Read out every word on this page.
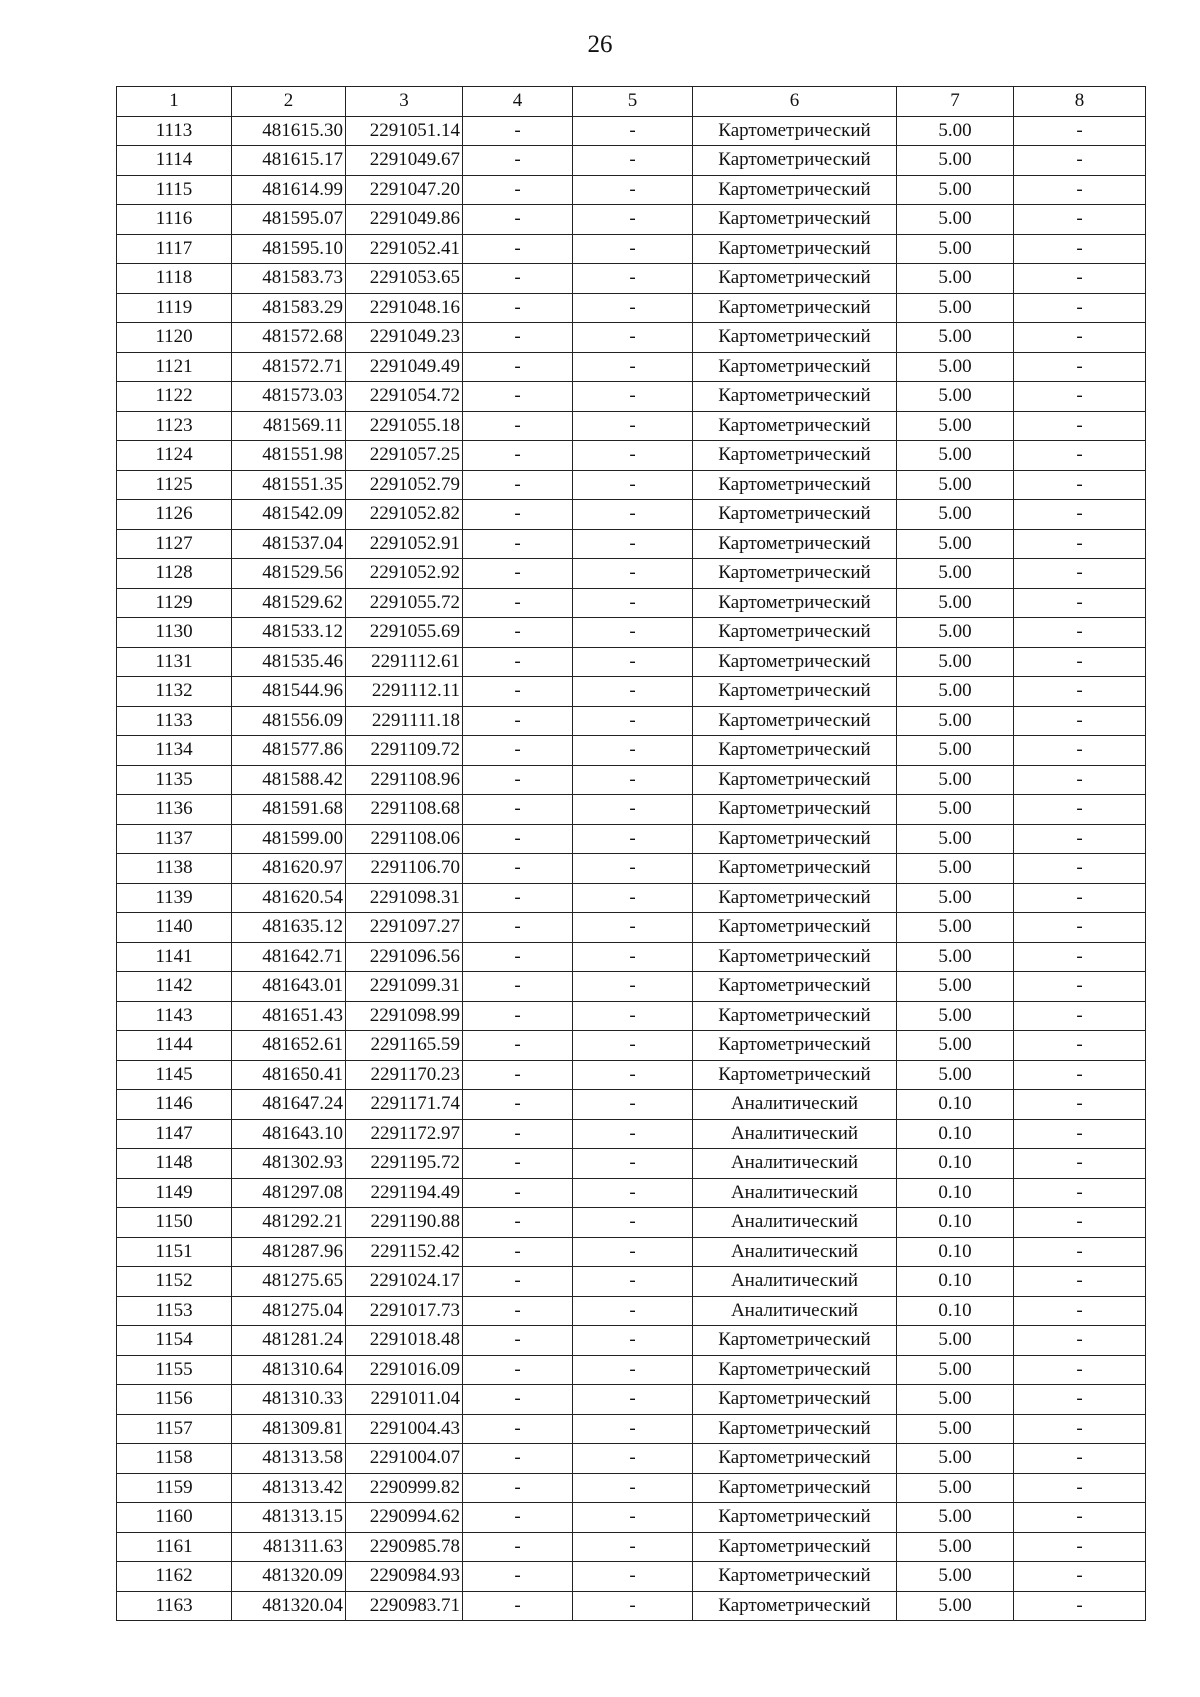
26
1	2	3	4	5	6	7	8
1113	481615.30	2291051.14	-	-	Картометрический	5.00	-
1114	481615.17	2291049.67	-	-	Картометрический	5.00	-
1115	481614.99	2291047.20	-	-	Картометрический	5.00	-
1116	481595.07	2291049.86	-	-	Картометрический	5.00	-
1117	481595.10	2291052.41	-	-	Картометрический	5.00	-
1118	481583.73	2291053.65	-	-	Картометрический	5.00	-
1119	481583.29	2291048.16	-	-	Картометрический	5.00	-
1120	481572.68	2291049.23	-	-	Картометрический	5.00	-
1121	481572.71	2291049.49	-	-	Картометрический	5.00	-
1122	481573.03	2291054.72	-	-	Картометрический	5.00	-
1123	481569.11	2291055.18	-	-	Картометрический	5.00	-
1124	481551.98	2291057.25	-	-	Картометрический	5.00	-
1125	481551.35	2291052.79	-	-	Картометрический	5.00	-
1126	481542.09	2291052.82	-	-	Картометрический	5.00	-
1127	481537.04	2291052.91	-	-	Картометрический	5.00	-
1128	481529.56	2291052.92	-	-	Картометрический	5.00	-
1129	481529.62	2291055.72	-	-	Картометрический	5.00	-
1130	481533.12	2291055.69	-	-	Картометрический	5.00	-
1131	481535.46	2291112.61	-	-	Картометрический	5.00	-
1132	481544.96	2291112.11	-	-	Картометрический	5.00	-
1133	481556.09	2291111.18	-	-	Картометрический	5.00	-
1134	481577.86	2291109.72	-	-	Картометрический	5.00	-
1135	481588.42	2291108.96	-	-	Картометрический	5.00	-
1136	481591.68	2291108.68	-	-	Картометрический	5.00	-
1137	481599.00	2291108.06	-	-	Картометрический	5.00	-
1138	481620.97	2291106.70	-	-	Картометрический	5.00	-
1139	481620.54	2291098.31	-	-	Картометрический	5.00	-
1140	481635.12	2291097.27	-	-	Картометрический	5.00	-
1141	481642.71	2291096.56	-	-	Картометрический	5.00	-
1142	481643.01	2291099.31	-	-	Картометрический	5.00	-
1143	481651.43	2291098.99	-	-	Картометрический	5.00	-
1144	481652.61	2291165.59	-	-	Картометрический	5.00	-
1145	481650.41	2291170.23	-	-	Картометрический	5.00	-
1146	481647.24	2291171.74	-	-	Аналитический	0.10	-
1147	481643.10	2291172.97	-	-	Аналитический	0.10	-
1148	481302.93	2291195.72	-	-	Аналитический	0.10	-
1149	481297.08	2291194.49	-	-	Аналитический	0.10	-
1150	481292.21	2291190.88	-	-	Аналитический	0.10	-
1151	481287.96	2291152.42	-	-	Аналитический	0.10	-
1152	481275.65	2291024.17	-	-	Аналитический	0.10	-
1153	481275.04	2291017.73	-	-	Аналитический	0.10	-
1154	481281.24	2291018.48	-	-	Картометрический	5.00	-
1155	481310.64	2291016.09	-	-	Картометрический	5.00	-
1156	481310.33	2291011.04	-	-	Картометрический	5.00	-
1157	481309.81	2291004.43	-	-	Картометрический	5.00	-
1158	481313.58	2291004.07	-	-	Картометрический	5.00	-
1159	481313.42	2290999.82	-	-	Картометрический	5.00	-
1160	481313.15	2290994.62	-	-	Картометрический	5.00	-
1161	481311.63	2290985.78	-	-	Картометрический	5.00	-
1162	481320.09	2290984.93	-	-	Картометрический	5.00	-
1163	481320.04	2290983.71	-	-	Картометрический	5.00	-
